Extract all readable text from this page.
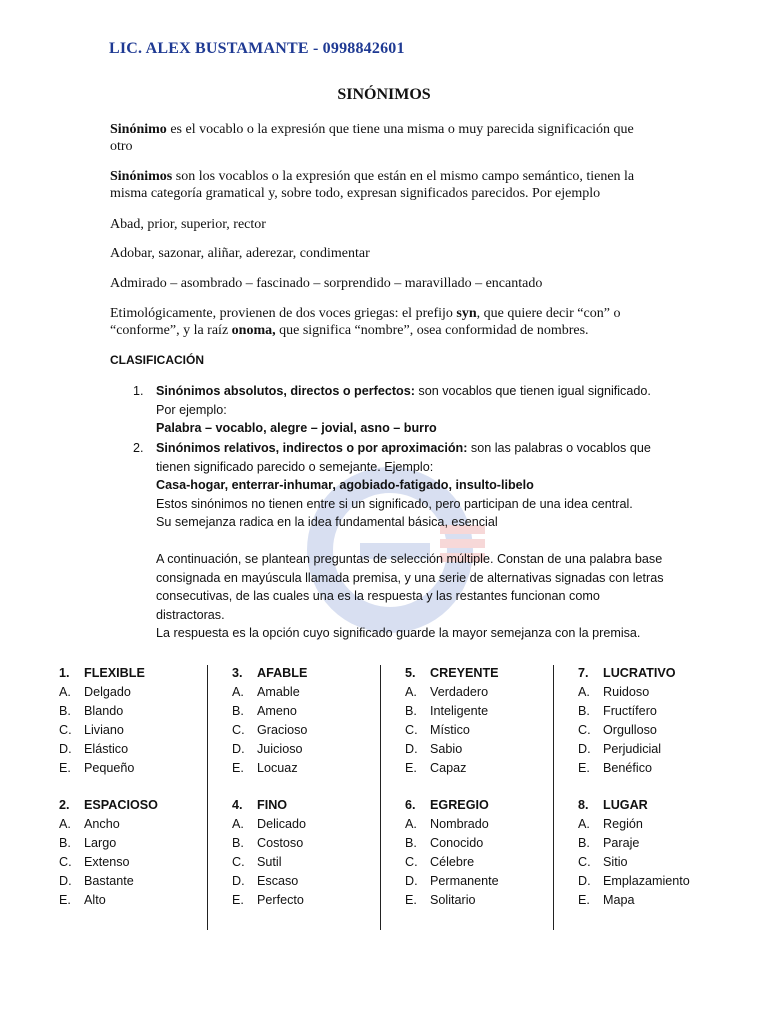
LIC. ALEX BUSTAMANTE - 0998842601
SINÓNIMOS

Sinónimo es el vocablo o la expresión que tiene una misma o muy parecida significación que otro

Sinónimos son los vocablos o la expresión que están en el mismo campo semántico, tienen la misma categoría gramatical y, sobre todo, expresan significados parecidos. Por ejemplo

Abad, prior, superior, rector

Adobar, sazonar, aliñar, aderezar, condimentar

Admirado – asombrado – fascinado – sorprendido – maravillado – encantado

Etimológicamente, provienen de dos voces griegas: el prefijo syn, que quiere decir “con” o “conforme”, y la raíz onoma, que significa “nombre”, osea conformidad de nombres.

CLASIFICACIÓN
1. Sinónimos absolutos, directos o perfectos: son vocablos que tienen igual significado.
Por ejemplo:
Palabra – vocablo, alegre – jovial, asno – burro
2. Sinónimos relativos, indirectos o por aproximación: son las palabras o vocablos que tienen significado parecido o semejante. Ejemplo:
Casa-hogar, enterrar-inhumar, agobiado-fatigado, insulto-libelo
Estos sinónimos no tienen entre si un significado, pero participan de una idea central.
Su semejanza radica en la idea fundamental básica, esencial
A continuación, se plantean preguntas de selección múltiple. Constan de una palabra base consignada en mayúscula llamada premisa, y una serie de alternativas signadas con letras consecutivas, de las cuales una es la respuesta y las restantes funcionan como distractoras.
La respuesta es la opción cuyo significado guarde la mayor semejanza con la premisa.
1. FLEXIBLE
A. Delgado
B. Blando
C. Liviano
D. Elástico
E. Pequeño
2. ESPACIOSO
A. Ancho
B. Largo
C. Extenso
D. Bastante
E. Alto
3. AFABLE
A. Amable
B. Ameno
C. Gracioso
D. Juicioso
E. Locuaz
4. FINO
A. Delicado
B. Costoso
C. Sutil
D. Escaso
E. Perfecto
5. CREYENTE
A. Verdadero
B. Inteligente
C. Místico
D. Sabio
E. Capaz
6. EGREGIO
A. Nombrado
B. Conocido
C. Célebre
D. Permanente
E. Solitario
7. LUCRATIVO
A. Ruidoso
B. Fructífero
C. Orgulloso
D. Perjudicial
E. Benéfico
8. LUGAR
A. Región
B. Paraje
C. Sitio
D. Emplazamiento
E. Mapa
